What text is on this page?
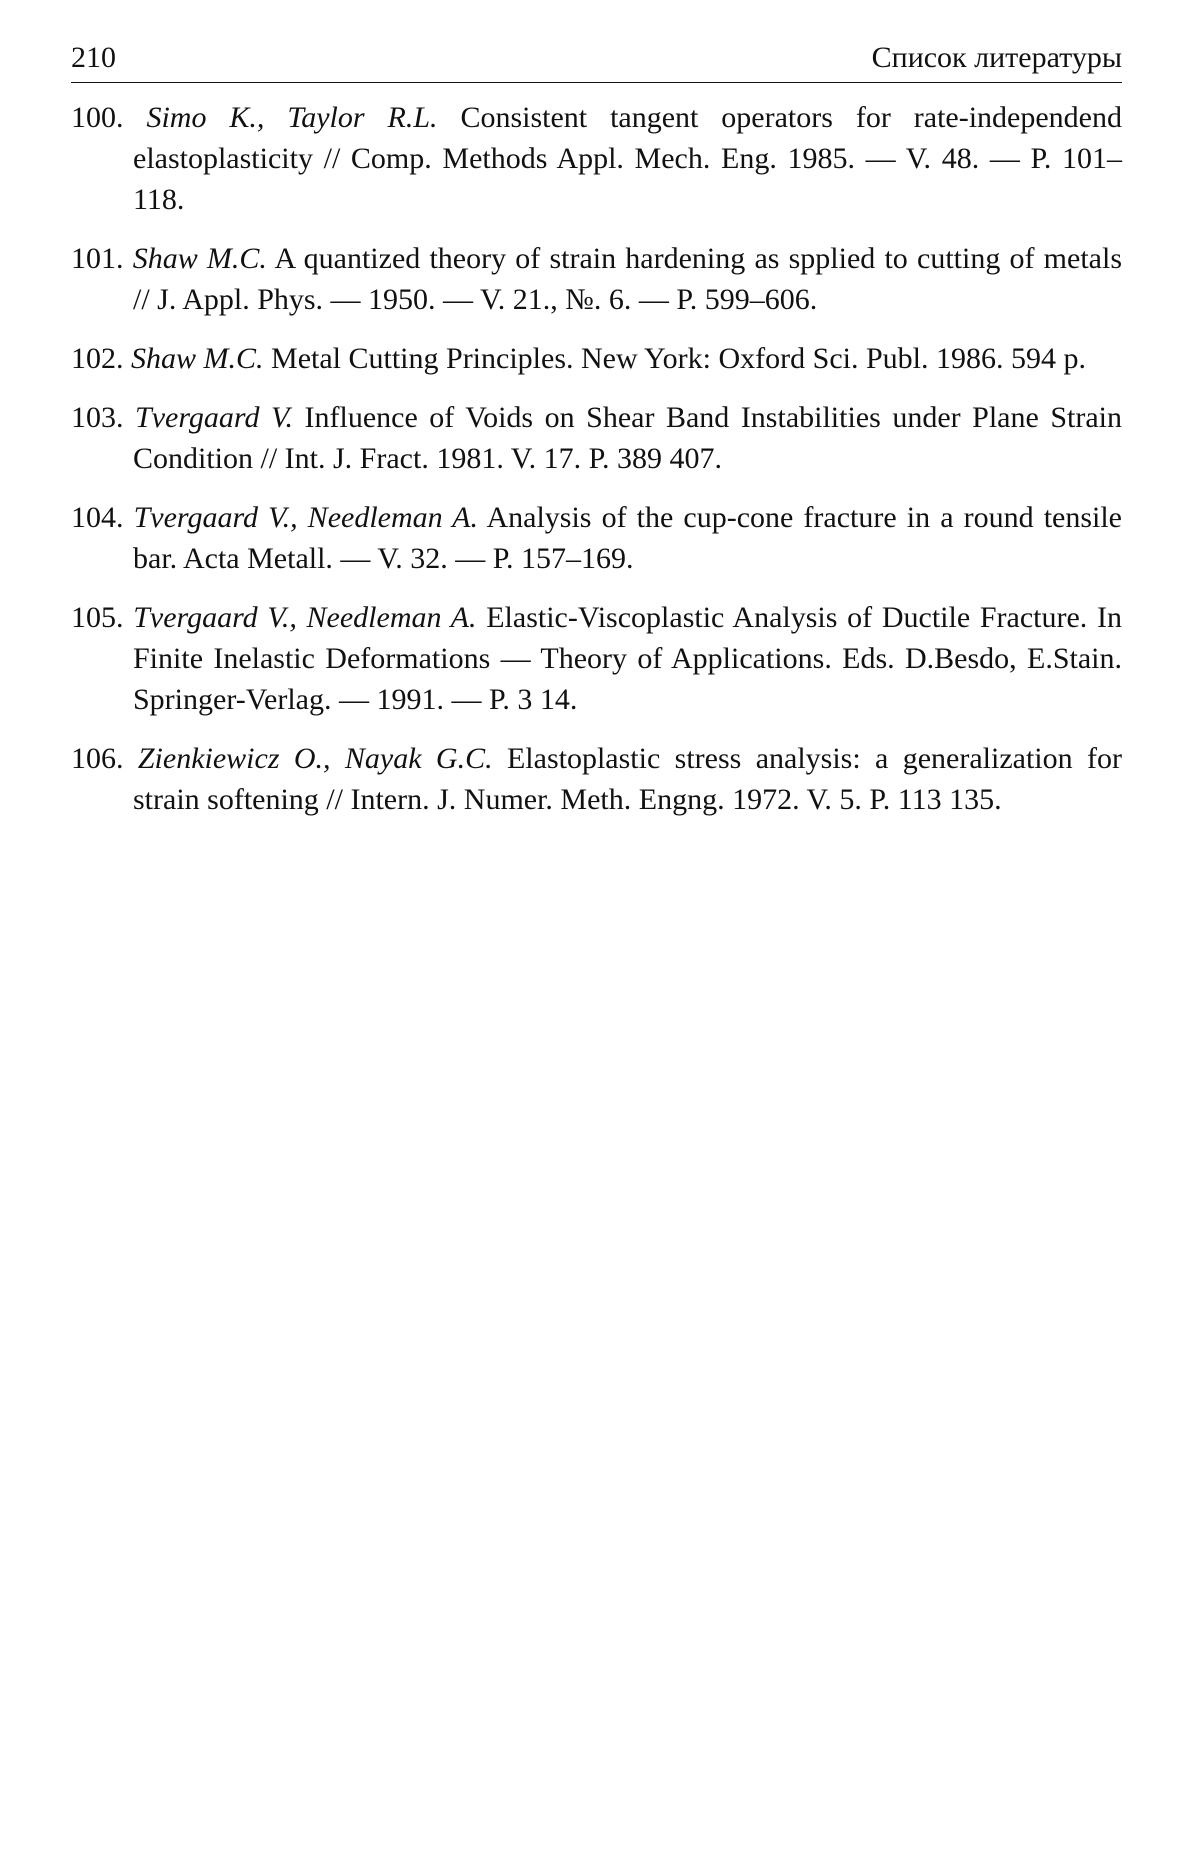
210	Список литературы
100. Simo K., Taylor R.L. Consistent tangent operators for rate-independend elastoplasticity // Comp. Methods Appl. Mech. Eng. 1985. — V. 48. — P. 101–118.
101. Shaw M.C. A quantized theory of strain hardening as spplied to cutting of metals // J. Appl. Phys. — 1950. — V. 21., №. 6. — P. 599–606.
102. Shaw M.C. Metal Cutting Principles. New York: Oxford Sci. Publ. 1986. 594 p.
103. Tvergaard V. Influence of Voids on Shear Band Instabilities under Plane Strain Condition // Int. J. Fract. 1981. V. 17. P. 389 407.
104. Tvergaard V., Needleman A. Analysis of the cup-cone fracture in a round tensile bar. Acta Metall. — V. 32. — P. 157–169.
105. Tvergaard V., Needleman A. Elastic-Viscoplastic Analysis of Ductile Fracture. In Finite Inelastic Deformations — Theory of Applications. Eds. D.Besdo, E.Stain. Springer-Verlag. — 1991. — P. 3 14.
106. Zienkiewicz O., Nayak G.C. Elastoplastic stress analysis: a generalization for strain softening // Intern. J. Numer. Meth. Engng. 1972. V. 5. P. 113 135.
